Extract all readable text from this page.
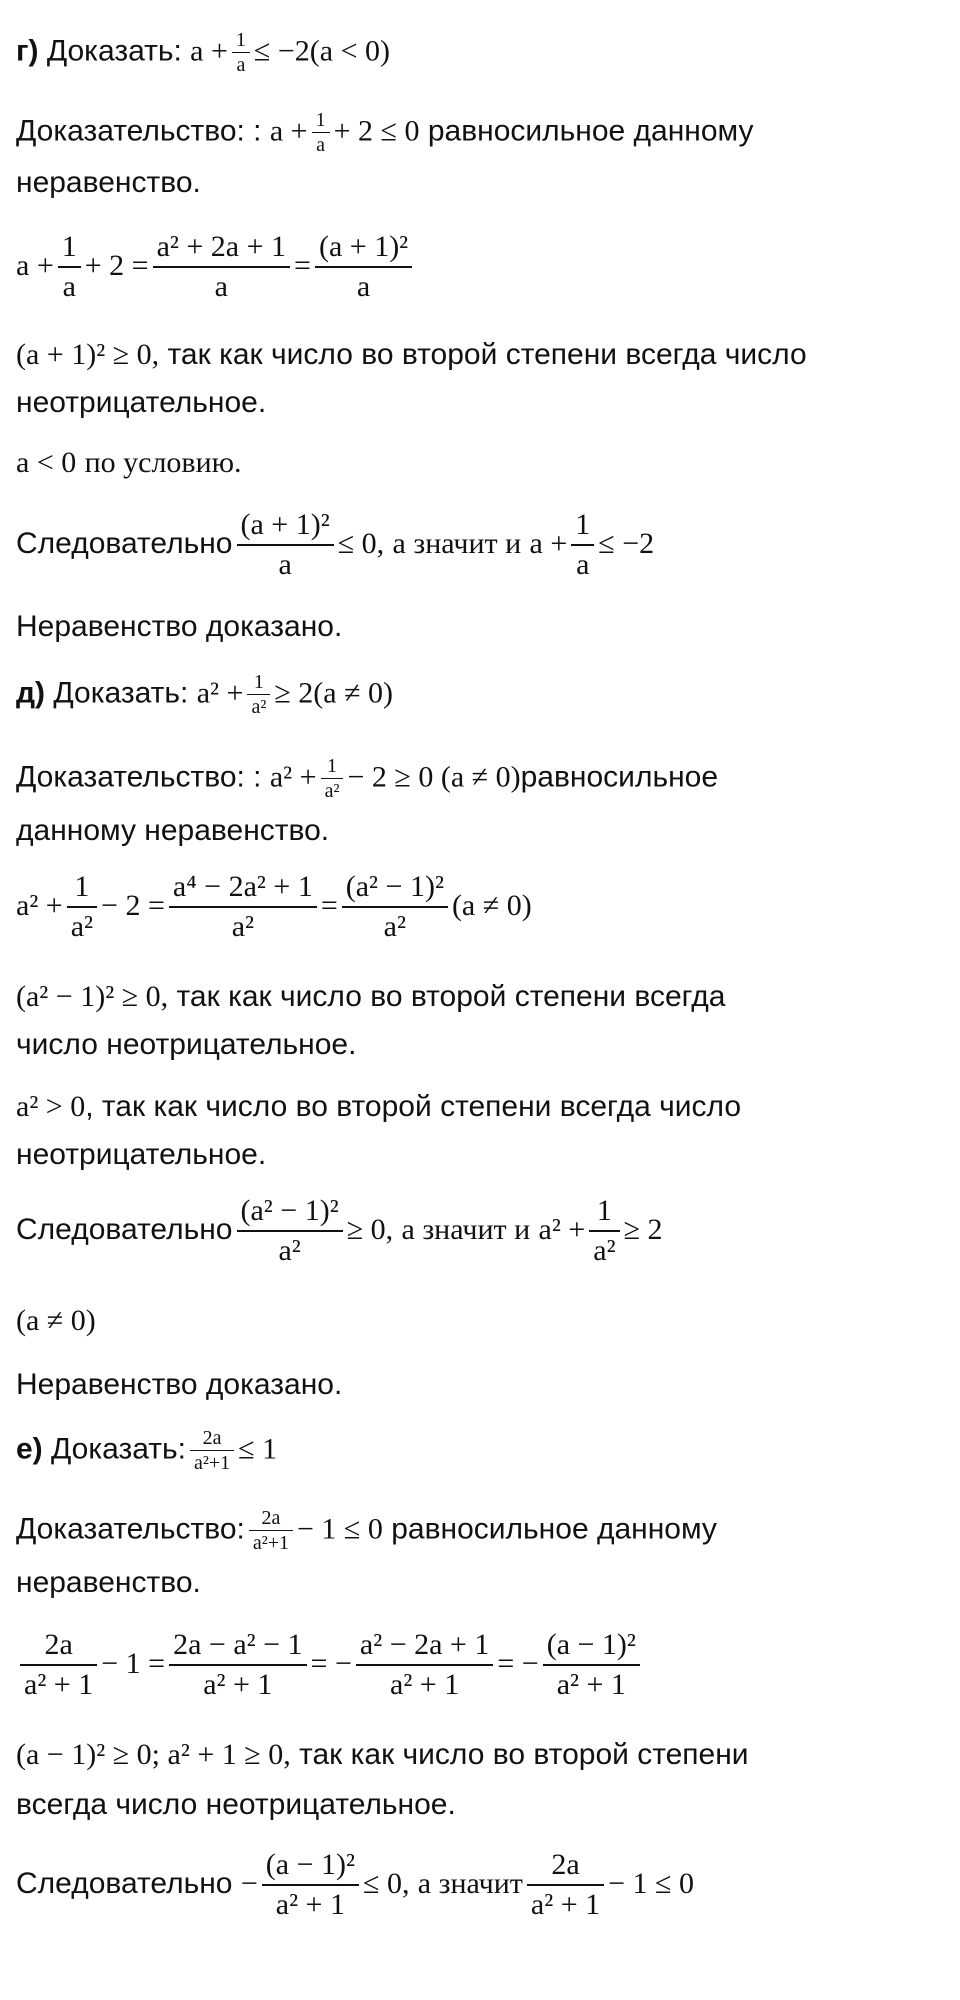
г) Доказать: $a + \frac{1}{a} \le -2(a < 0)$
Доказательство: : $a + \frac{1}{a} + 2 \le 0$ равносильное данному
неравенство.
$a + \frac{1}{a} + 2 = \frac{\text{a² + 2a + 1}}{a} = \frac{\text{(a + 1)²}}{a}$
(a + 1)² ≥ 0, так как число во второй степени всегда число
неотрицательное.
a < 0 по условию.
Следовательно $\frac{\text{(a + 1)²}}{a} \le 0$, а значит и $a + \frac{1}{a} \le -2$
Неравенство доказано.
д) Доказать: $a^2 + \frac{1}{\text{a²}} \ge 2(a \ne 0)$
Доказательство: : $a^2 + \frac{1}{\text{a²}} - 2 \ge 0$ (a ≠ 0)равносильное
данному неравенство.
$a^2 + \frac{1}{\text{a²}} - 2 = \frac{\text{a⁴ − 2a² + 1}}{\text{a²}} = \frac{\text{(a² − 1)²}}{\text{a²}} (a \ne 0)$
(a² − 1)² ≥ 0, так как число во второй степени всегда
число неотрицательное.
a² > 0, так как число во второй степени всегда число
неотрицательное.
Следовательно $\frac{\text{(a² − 1)²}}{\text{a²}} \ge 0$, а значит и $a^2 + \frac{1}{\text{a²}} \ge 2$
(a ≠ 0)
Неравенство доказано.
е) Доказать: $\frac{2a}{\text{a²+1}} \le 1$
Доказательство: $\frac{2a}{\text{a²+1}} - 1 \le 0$ равносильное данному
неравенство.
$\frac{2a}{\text{a² + 1}} - 1 = \frac{\text{2a − a² − 1}}{\text{a² + 1}}$ = − $\frac{\text{a² − 2a + 1}}{\text{a² + 1}}$ = − $\frac{\text{(a − 1)²}}{\text{a² + 1}}$
(a − 1)² ≥ 0; a² + 1 ≥ 0, так как число во второй степени
всегда число неотрицательное.
Следовательно − $\frac{\text{(a − 1)²}}{\text{a² + 1}} \le 0$, а значит $\frac{2a}{\text{a² + 1}} - 1 \le 0$
